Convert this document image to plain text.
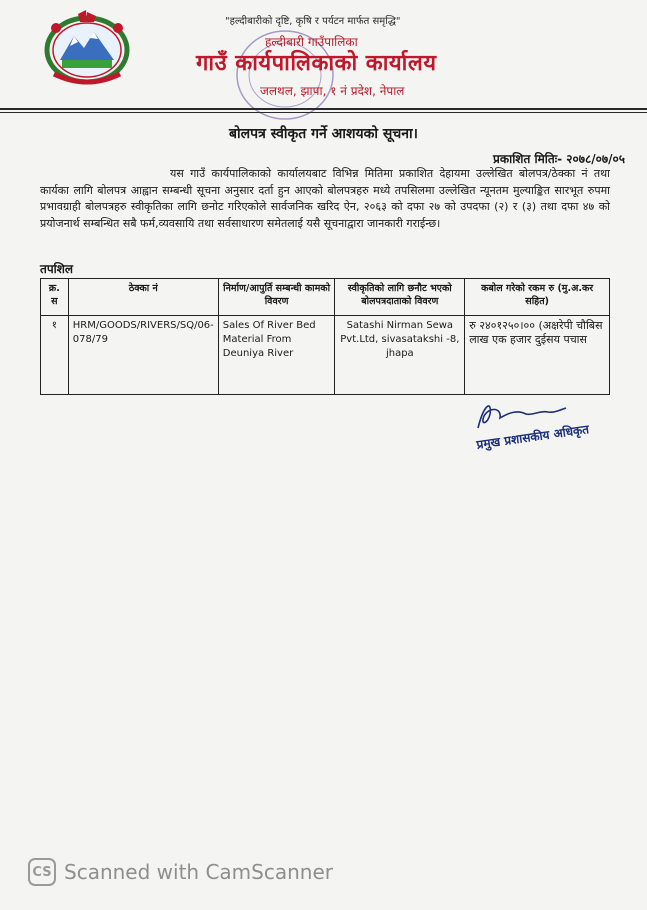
"हल्दीबारीको दृष्टि, कृषि र पर्यटन मार्फत समृद्धि"
हल्दीबारी गाउँपालिका
गाउँ कार्यपालिकाको कार्यालय
जलथल, झापा, १ नं प्रदेश, नेपाल
बोलपत्र स्वीकृत गर्ने आशयको सूचना।
प्रकाशित मितिः- २०७८/०७/०५

यस गाउँ कार्यपालिकाको कार्यालयबाट विभिन्न मितिमा प्रकाशित देहायमा उल्लेखित बोलपत्र/ठेक्का नं तथा कार्यका लागि बोलपत्र आह्वान सम्बन्धी सूचना अनुसार दर्ता हुन आएको बोलपत्रहरु मध्ये तपसिलमा उल्लेखित न्यूनतम मुल्याङ्कित सारभूत रुपमा प्रभावग्राही बोलपत्रहरु स्वीकृतिका लागि छनोट गरिएकोले सार्वजनिक खरिद ऐन, २०६३ को दफा २७ को उपदफा (२) र (३) तथा दफा ४७ को प्रयोजनार्थ सम्बन्धित सबै फर्म,व्यवसायि तथा सर्वसाधारण समेतलाई यसै सूचनाद्वारा जानकारी गराईन्छ।

तपशिल
क्र. स	ठेक्का नं	निर्माण/आपुर्ति सम्बन्धी कामको विवरण	स्वीकृतिको लागि छनौट भएको बोलपत्रदाताको विवरण	कबोल गरेको रकम रु (मु.अ.कर सहित)
१	HRM/GOODS/RIVERS/SQ/06-078/79	Sales Of River Bed Material From Deuniya River	Satashi Nirman Sewa Pvt.Ltd, sivasatakshi -8, jhapa	रु २४०१२५०।०० (अक्षरेपी चौबिस लाख एक हजार दुईसय पचास
प्रमुख प्रशासकीय अधिकृत
CS Scanned with CamScanner
